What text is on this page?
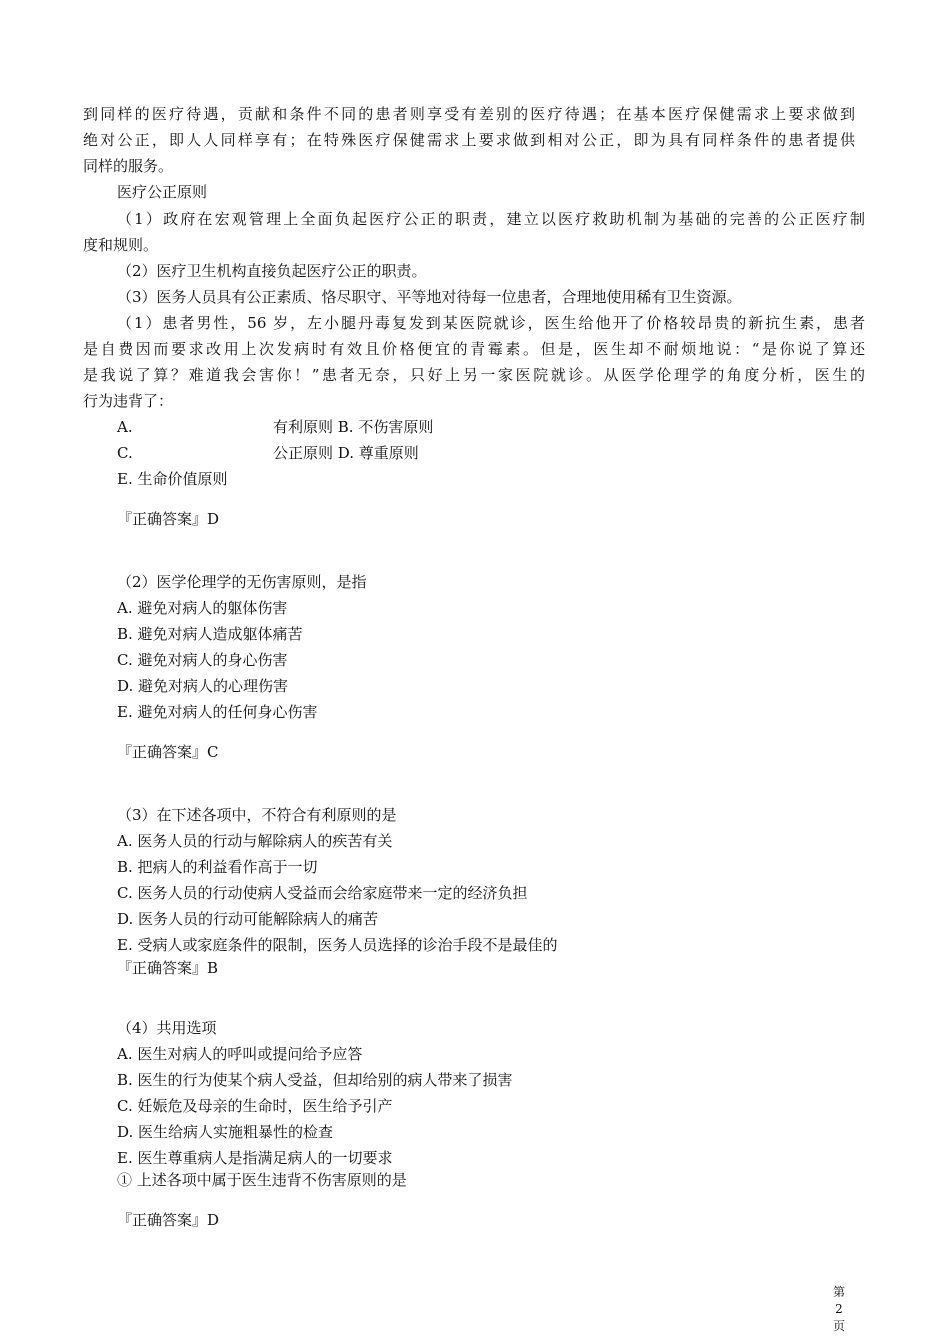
到同样的医疗待遇，贡献和条件不同的患者则享受有差别的医疗待遇；在基本医疗保健需求上要求做到
绝对公正，即人人同样享有；在特殊医疗保健需求上要求做到相对公正，即为具有同样条件的患者提供
同样的服务。
医疗公正原则
（1）政府在宏观管理上全面负起医疗公正的职责，建立以医疗救助机制为基础的完善的公正医疗制
度和规则。
（2）医疗卫生机构直接负起医疗公正的职责。
（3）医务人员具有公正素质、恪尽职守、平等地对待每一位患者，合理地使用稀有卫生资源。
（1）患者男性，56 岁，左小腿丹毒复发到某医院就诊，医生给他开了价格较昂贵的新抗生素，患者
是自费因而要求改用上次发病时有效且价格便宜的青霉素。但是，医生却不耐烦地说：“是你说了算还
是我说了算？难道我会害你！”患者无奈，只好上另一家医院就诊。从医学伦理学的角度分析，医生的
行为违背了：
A.	有利原则 B. 不伤害原则
C.	公正原则 D. 尊重原则
E. 生命价值原则
『正确答案』D
（2）医学伦理学的无伤害原则，是指
A. 避免对病人的躯体伤害
B. 避免对病人造成躯体痛苦
C. 避免对病人的身心伤害
D. 避免对病人的心理伤害
E. 避免对病人的任何身心伤害
『正确答案』C
（3）在下述各项中，不符合有利原则的是
A. 医务人员的行动与解除病人的疾苦有关
B. 把病人的利益看作高于一切
C. 医务人员的行动使病人受益而会给家庭带来一定的经济负担
D. 医务人员的行动可能解除病人的痛苦
E. 受病人或家庭条件的限制，医务人员选择的诊治手段不是最佳的
『正确答案』B
（4）共用选项
A. 医生对病人的呼叫或提问给予应答
B. 医生的行为使某个病人受益，但却给别的病人带来了损害
C. 妊娠危及母亲的生命时，医生给予引产
D. 医生给病人实施粗暴性的检查
E. 医生尊重病人是指满足病人的一切要求
① 上述各项中属于医生违背不伤害原则的是
『正确答案』D
第 2
页
